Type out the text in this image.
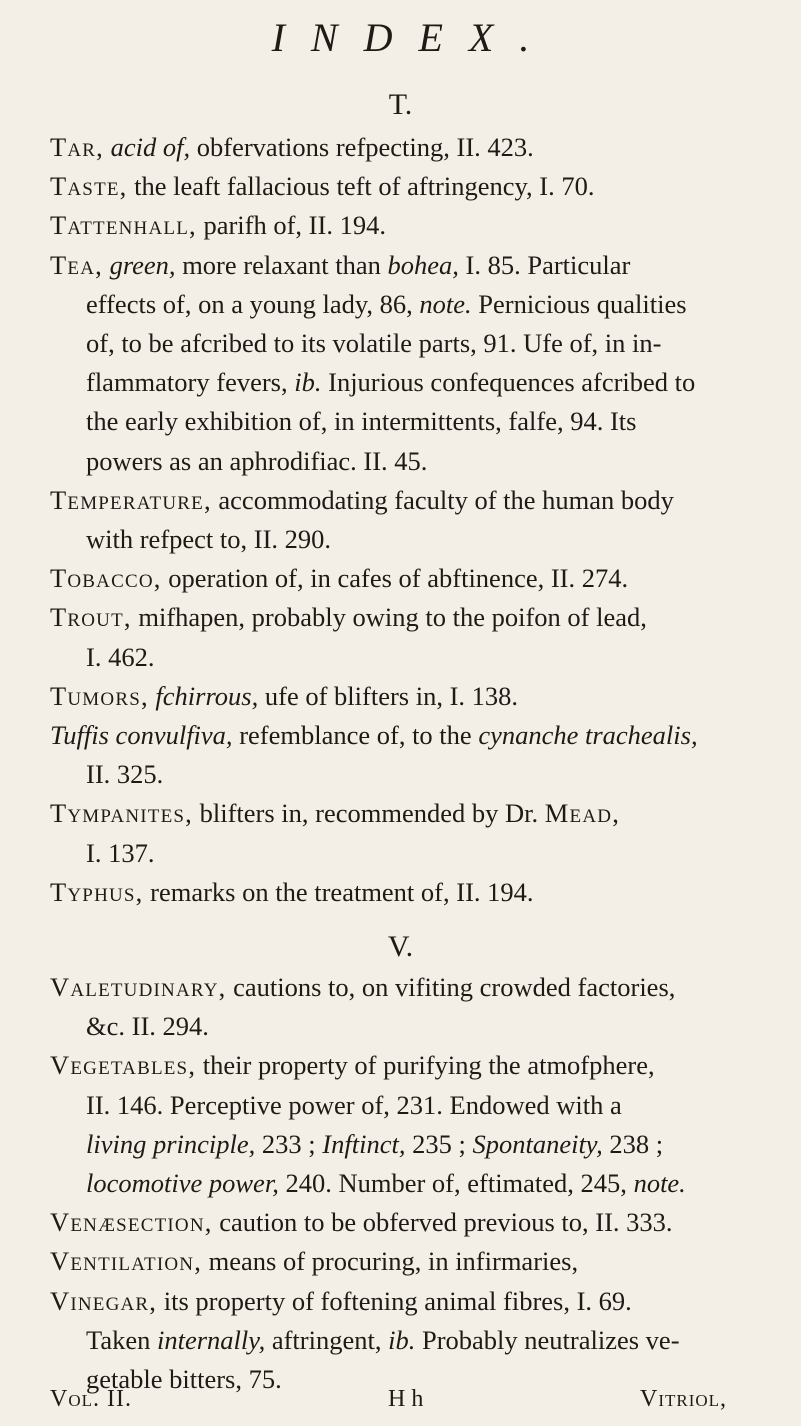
INDEX.
T.
Tar, acid of, obfervations refpecting, II. 423.
Taste, the leaft fallacious teft of aftringency, I. 70.
Tattenhall, parifh of, II. 194.
Tea, green, more relaxant than bohea, I. 85. Particular
effects of, on a young lady, 86, note. Pernicious qualities
of, to be afcribed to its volatile parts, 91. Ufe of, in in-
flammatory fevers, ib. Injurious confequences afcribed to
the early exhibition of, in intermittents, falfe, 94. Its
powers as an aphrodifiac. II. 45.
Temperature, accommodating faculty of the human body
with refpect to, II. 290.
Tobacco, operation of, in cafes of abftinence, II. 274.
Trout, mifhapen, probably owing to the poifon of lead,
I. 462.
Tumors, fchirrous, ufe of blifters in, I. 138.
Tuffis convulfiva, refemblance of, to the cynanche trachealis,
II. 325.
Tympanites, blifters in, recommended by Dr. Mead,
I. 137.
Typhus, remarks on the treatment of, II. 194.
V.
Valetudinary, cautions to, on vifiting crowded factories,
&c. II. 294.
Vegetables, their property of purifying the atmofphere,
II. 146. Perceptive power of, 231. Endowed with a
living principle, 233 ; Inftinct, 235 ; Spontaneity, 238 ;
locomotive power, 240. Number of, eftimated, 245, note.
Venæsection, caution to be obferved previous to, II. 333.
Ventilation, means of procuring, in infirmaries,
Vinegar, its property of foftening animal fibres, I. 69.
Taken internally, aftringent, ib. Probably neutralizes ve-
getable bitters, 75.
Vol. II.	H h	Vitriol,
